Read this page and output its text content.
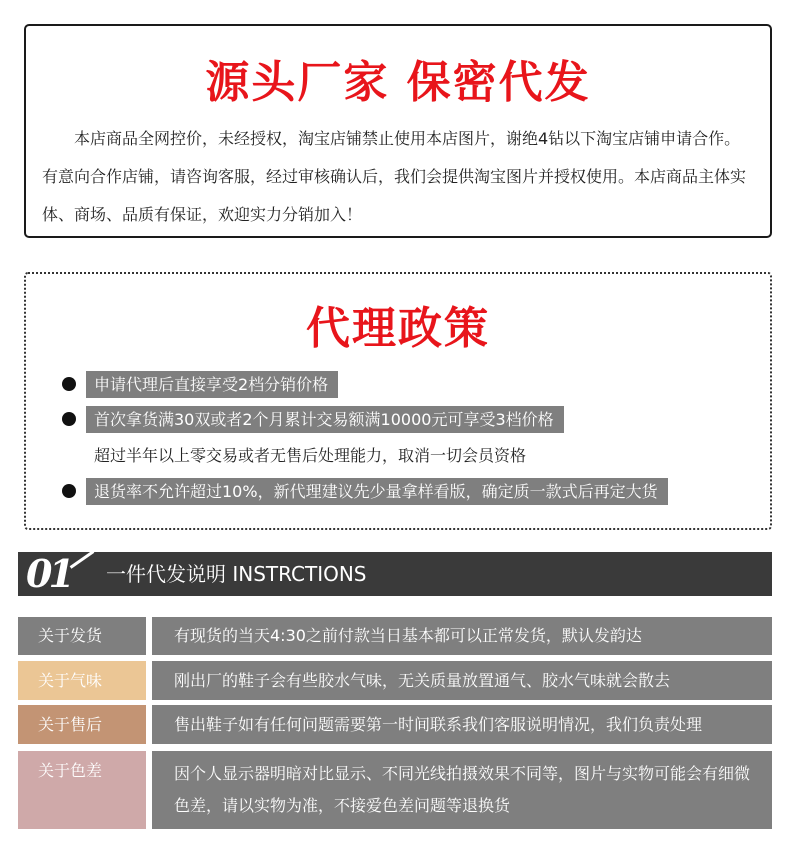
源头厂家 保密代发
本店商品全网控价，未经授权，淘宝店铺禁止使用本店图片，谢绝4钻以下淘宝店铺申请合作。有意向合作店铺，请咨询客服，经过审核确认后，我们会提供淘宝图片并授权使用。本店商品主体实体、商场、品质有保证，欢迎实力分销加入！
代理政策
申请代理后直接享受2档分销价格
首次拿货满30双或者2个月累计交易额满10000元可享受3档价格
超过半年以上零交易或者无售后处理能力，取消一切会员资格
退货率不允许超过10%，新代理建议先少量拿样看版，确定质一款式后再定大货
01 一件代发说明 INSTRCTIONS
关于发货	有现货的当天4:30之前付款当日基本都可以正常发货，默认发韵达
关于气味	刚出厂的鞋子会有些胶水气味，无关质量放置通气、胶水气味就会散去
关于售后	售出鞋子如有任何问题需要第一时间联系我们客服说明情况，我们负责处理
关于色差	因个人显示器明暗对比显示、不同光线拍摄效果不同等，图片与实物可能会有细微色差，请以实物为准，不接爱色差问题等退换货
